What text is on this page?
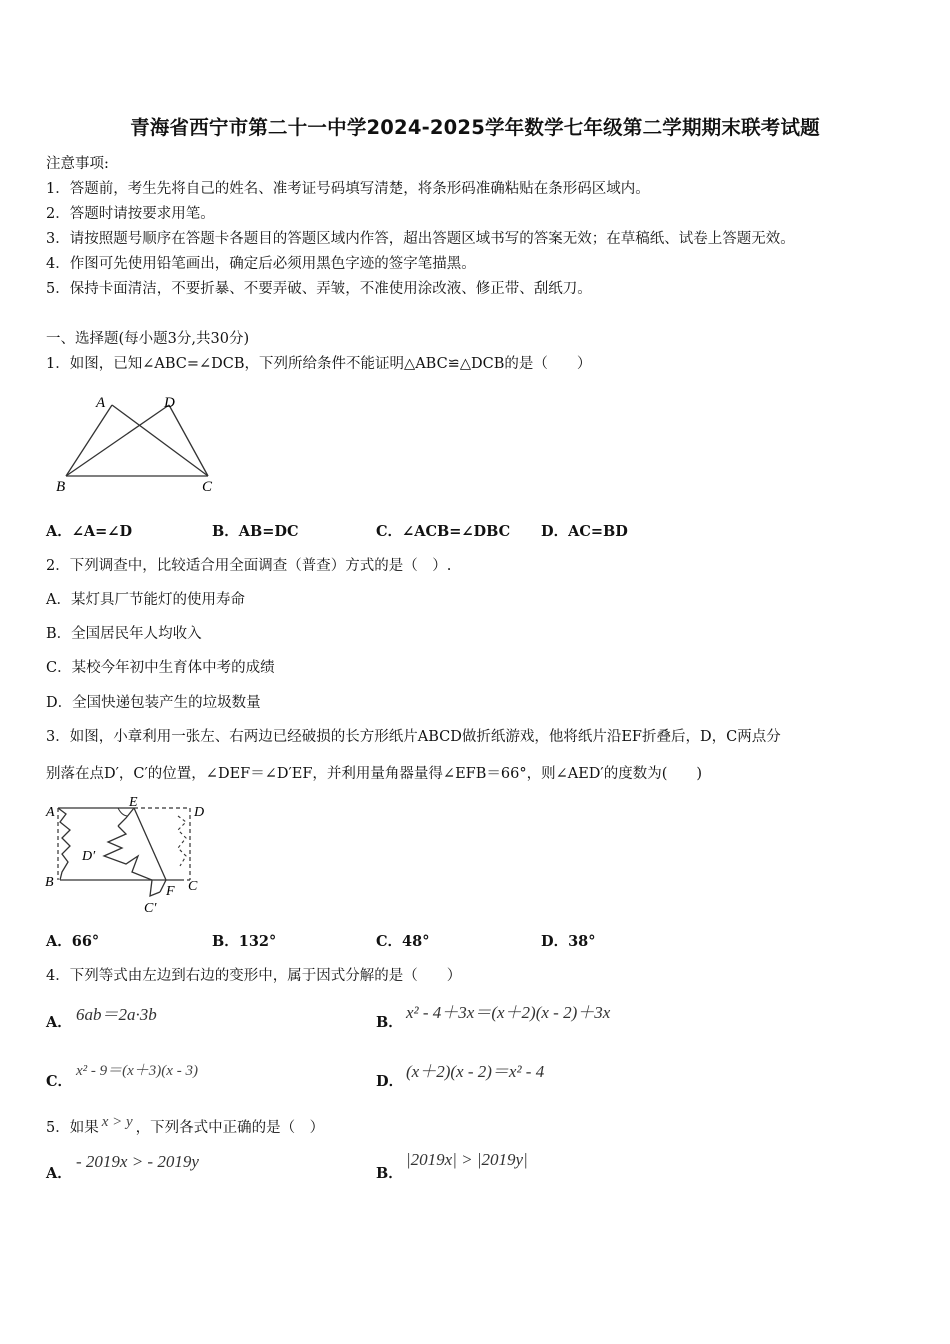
青海省西宁市第二十一中学2024-2025学年数学七年级第二学期期末联考试题
注意事项:
1．答题前，考生先将自己的姓名、准考证号码填写清楚，将条形码准确粘贴在条形码区域内。
2．答题时请按要求用笔。
3．请按照题号顺序在答题卡各题目的答题区域内作答，超出答题区域书写的答案无效；在草稿纸、试卷上答题无效。
4．作图可先使用铅笔画出，确定后必须用黑色字迹的签字笔描黑。
5．保持卡面清洁，不要折暴、不要弄破、弄皱，不准使用涂改液、修正带、刮纸刀。
一、选择题(每小题3分,共30分)
1．如图，已知∠ABC=∠DCB，下列所给条件不能证明△ABC≌△DCB的是（　　）
A	D
B	C
A．∠A=∠D	B．AB=DC	C．∠ACB=∠DBC D．AC=BD
2．下列调查中，比较适合用全面调查（普查）方式的是（　）.
A．某灯具厂节能灯的使用寿命
B．全国居民年人均收入
C．某校今年初中生育体中考的成绩
D．全国快递包装产生的垃圾数量
3．如图，小章利用一张左、右两边已经破损的长方形纸片ABCD做折纸游戏，他将纸片沿EF折叠后，D，C两点分
别落在点D′，C′的位置，∠DEF＝∠D′EF，并利用量角器量得∠EFB＝66°，则∠AED′的度数为(　　)
A
E
D
D′
B
F C
C′
A．66°	B．132°	C．48°	D．38°
4．下列等式由左边到右边的变形中，属于因式分解的是（　　）
A． 6ab＝2a·3b	B．
x² - 4＋3x＝(x＋2)(x - 2)＋3x
C．
x² - 9＝(x＋3)(x - 3)
D．
(x＋2)(x - 2)＝x² - 4
5．如果 x > y ，下列各式中正确的是（　）
A．
- 2019x > - 2019y
B．
|2019x| > |2019y|
